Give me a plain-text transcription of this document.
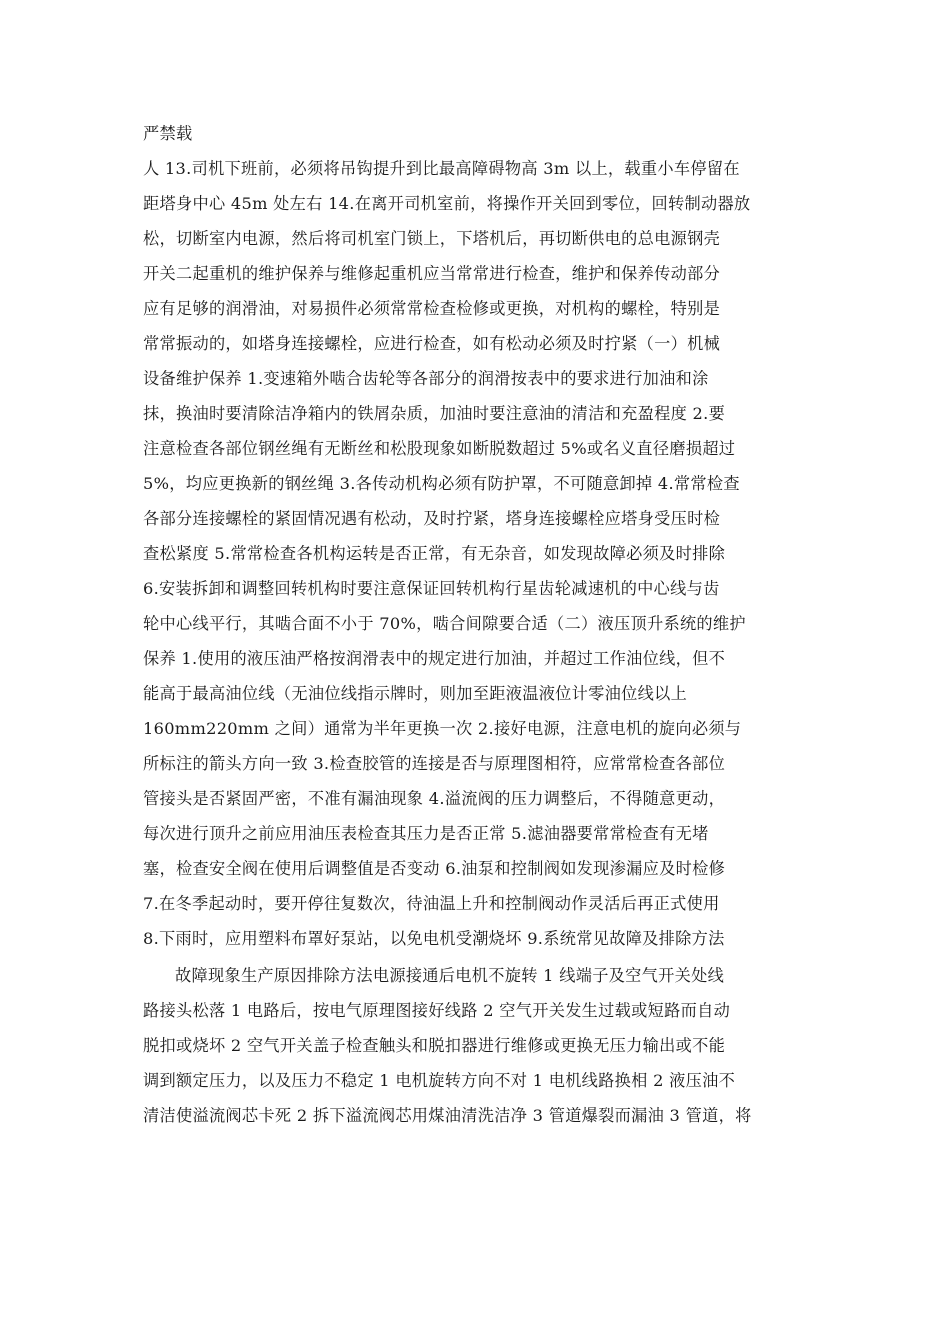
严禁载
人 13.司机下班前，必须将吊钩提升到比最高障碍物高 3m 以上，载重小车停留在
距塔身中心 45m 处左右 14.在离开司机室前，将操作开关回到零位，回转制动器放
松，切断室内电源，然后将司机室门锁上，下塔机后，再切断供电的总电源钢壳
开关二起重机的维护保养与维修起重机应当常常进行检查，维护和保养传动部分
应有足够的润滑油，对易损件必须常常检查检修或更换，对机构的螺栓，特别是
常常振动的，如塔身连接螺栓，应进行检查，如有松动必须及时拧紧（一）机械
设备维护保养 1.变速箱外啮合齿轮等各部分的润滑按表中的要求进行加油和涂
抹，换油时要清除洁净箱内的铁屑杂质，加油时要注意油的清洁和充盈程度 2.要
注意检查各部位钢丝绳有无断丝和松股现象如断脱数超过 5%或名义直径磨损超过
5%，均应更换新的钢丝绳 3.各传动机构必须有防护罩，不可随意卸掉 4.常常检查
各部分连接螺栓的紧固情况遇有松动，及时拧紧，塔身连接螺栓应塔身受压时检
查松紧度 5.常常检查各机构运转是否正常，有无杂音，如发现故障必须及时排除
6.安装拆卸和调整回转机构时要注意保证回转机构行星齿轮减速机的中心线与齿
轮中心线平行，其啮合面不小于 70%，啮合间隙要合适（二）液压顶升系统的维护
保养 1.使用的液压油严格按润滑表中的规定进行加油，并超过工作油位线，但不
能高于最高油位线（无油位线指示牌时，则加至距液温液位计零油位线以上
160mm220mm 之间）通常为半年更换一次 2.接好电源，注意电机的旋向必须与
所标注的箭头方向一致 3.检查胶管的连接是否与原理图相符，应常常检查各部位
管接头是否紧固严密，不准有漏油现象 4.溢流阀的压力调整后，不得随意更动，
每次进行顶升之前应用油压表检查其压力是否正常 5.滤油器要常常检查有无堵
塞，检查安全阀在使用后调整值是否变动 6.油泵和控制阀如发现渗漏应及时检修
7.在冬季起动时，要开停往复数次，待油温上升和控制阀动作灵活后再正式使用
8.下雨时，应用塑料布罩好泵站，以免电机受潮烧坏 9.系统常见故障及排除方法
故障现象生产原因排除方法电源接通后电机不旋转 1 线端子及空气开关处线
路接头松落 1 电路后，按电气原理图接好线路 2 空气开关发生过载或短路而自动
脱扣或烧坏 2 空气开关盖子检查触头和脱扣器进行维修或更换无压力输出或不能
调到额定压力，以及压力不稳定 1 电机旋转方向不对 1 电机线路换相 2 液压油不
清洁使溢流阀芯卡死 2 拆下溢流阀芯用煤油清洗洁净 3 管道爆裂而漏油 3 管道，将
